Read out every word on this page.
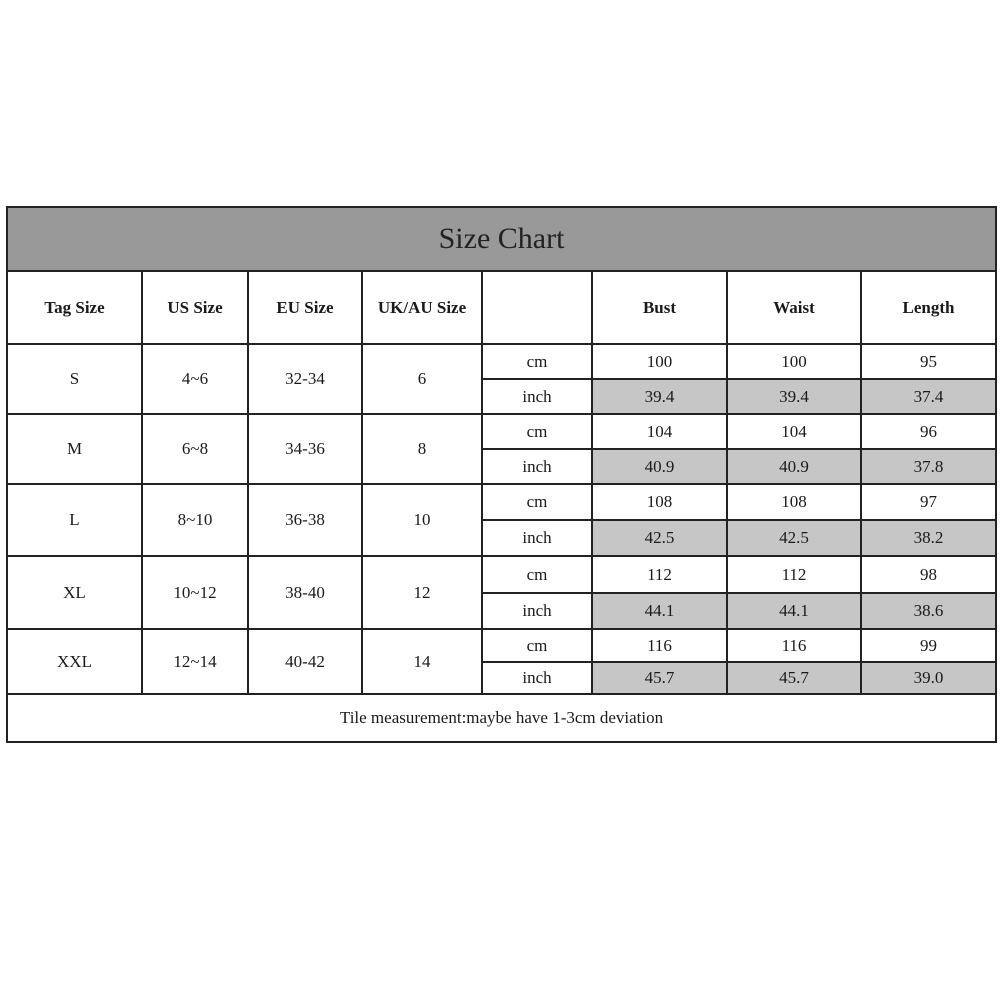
Size Chart							
Tag Size	US Size	EU Size	UK/AU Size		Bust	Waist	Length
S	4~6	32-34	6	cm	100	100	95
				inch	39.4	39.4	37.4
M	6~8	34-36	8	cm	104	104	96
				inch	40.9	40.9	37.8
L	8~10	36-38	10	cm	108	108	97
				inch	42.5	42.5	38.2
XL	10~12	38-40	12	cm	112	112	98
				inch	44.1	44.1	38.6
XXL	12~14	40-42	14	cm	116	116	99
				inch	45.7	45.7	39.0
Tile measurement:maybe have 1-3cm deviation							
